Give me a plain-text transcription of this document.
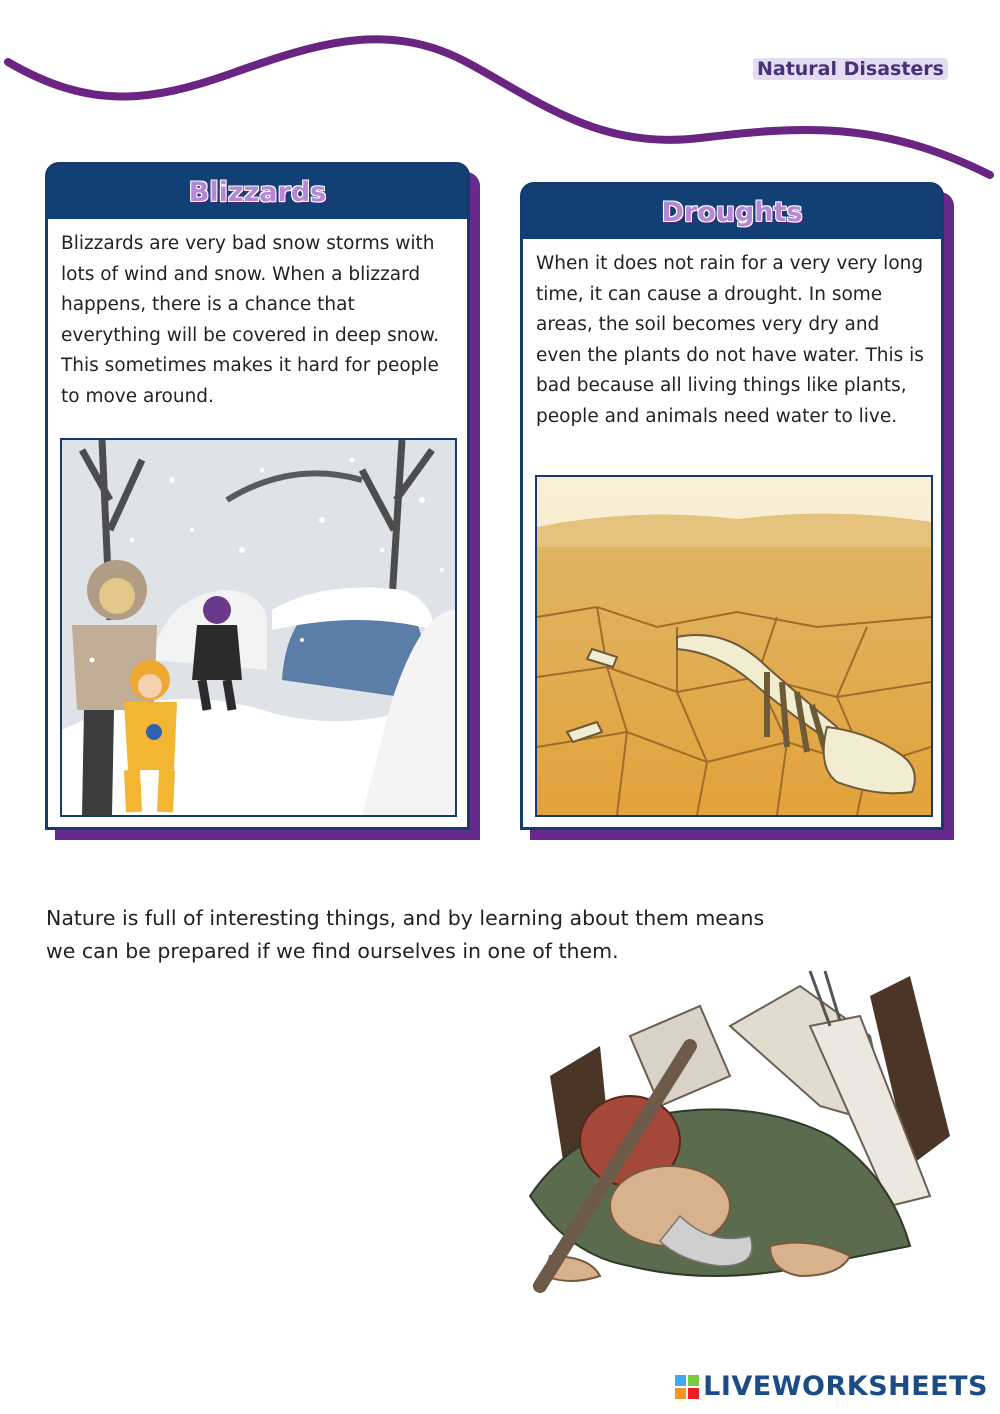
Natural Disasters
Blizzards
Blizzards are very bad snow storms with lots of wind and snow. When a blizzard happens, there is a chance that everything will be covered in deep snow. This sometimes makes it hard for people to move around.
Droughts
When it does not rain for a very very long time, it can cause a drought. In some areas, the soil becomes very dry and even the plants do not have water. This is bad because all living things like plants, people and animals need water to live.
Nature is full of interesting things, and by learning about them means we can be prepared if we find ourselves in one of them.
LIVEWORKSHEETS
